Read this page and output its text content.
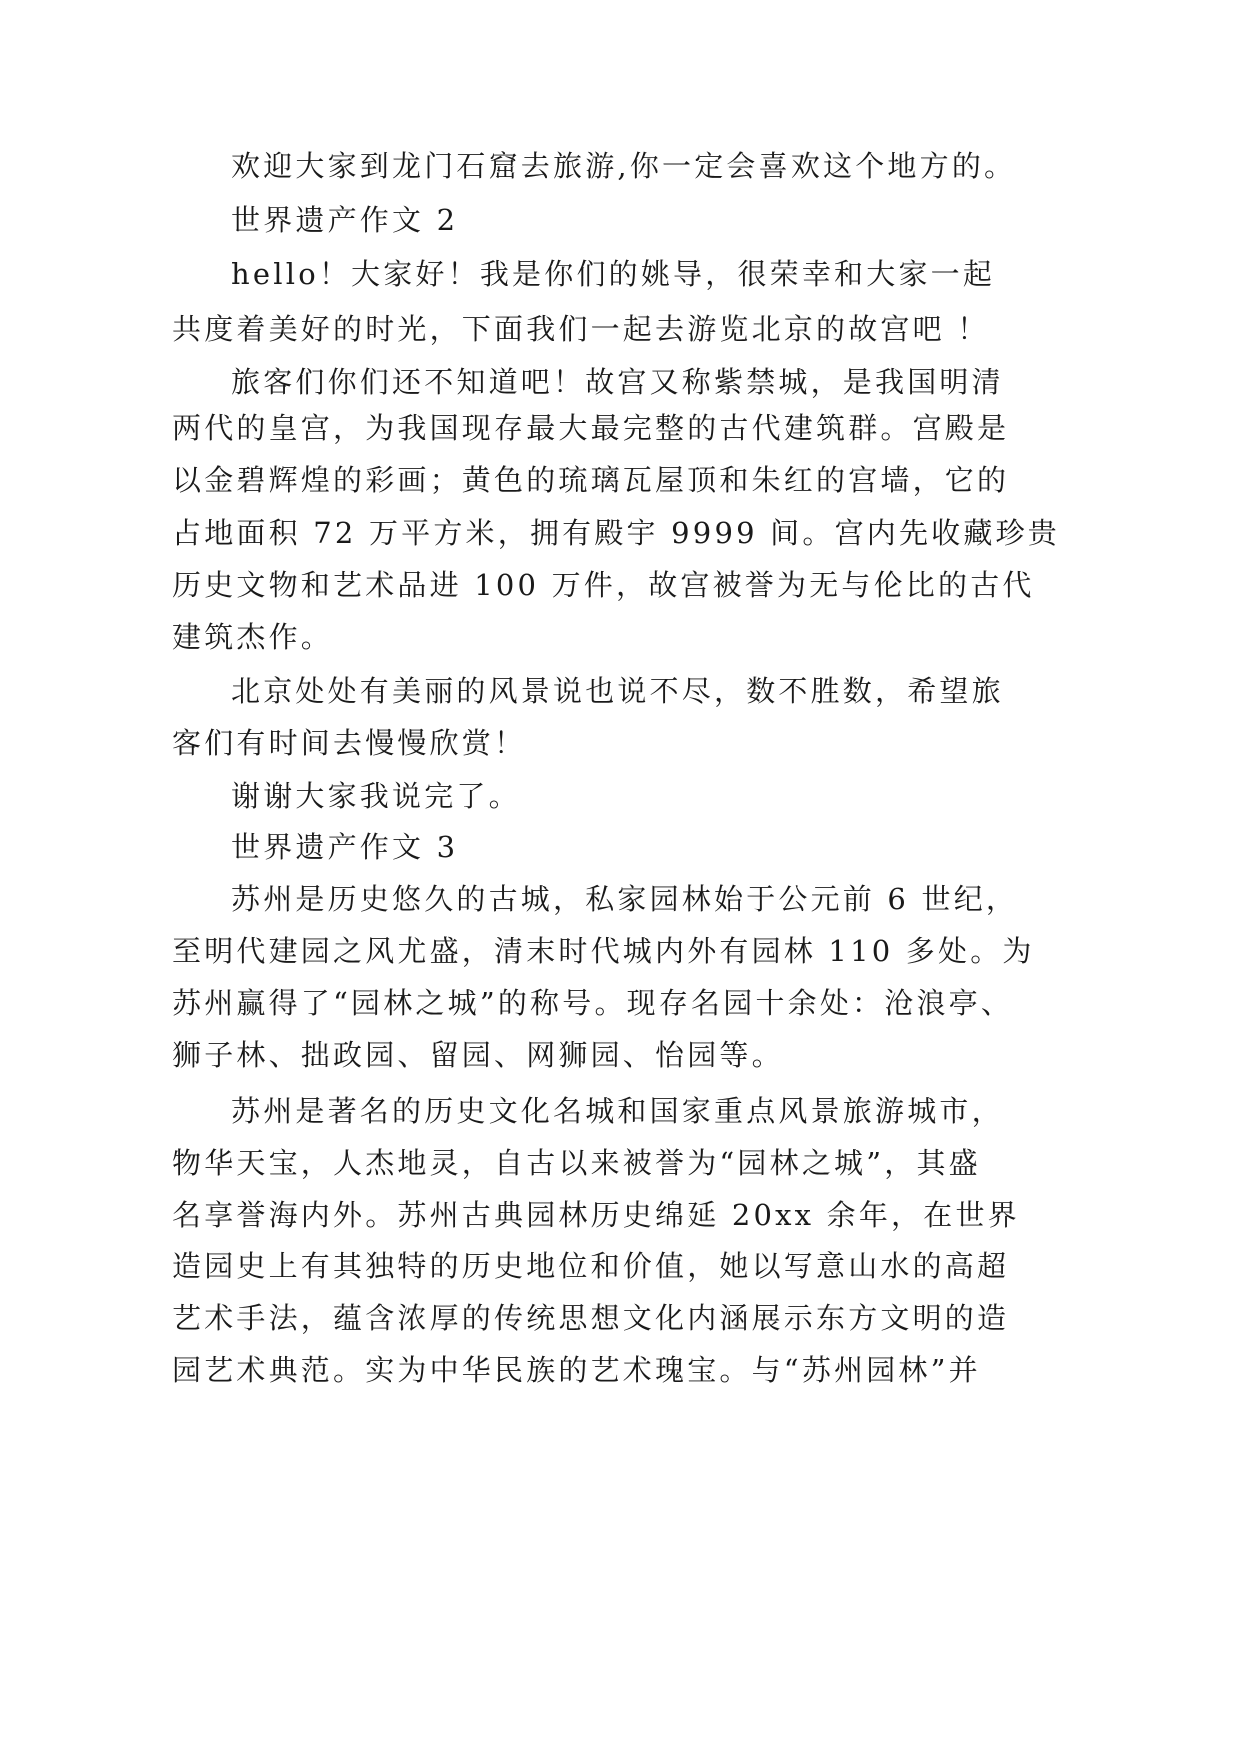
欢迎大家到龙门石窟去旅游,你一定会喜欢这个地方的。
世界遗产作文 2
hello！大家好！我是你们的姚导，很荣幸和大家一起
共度着美好的时光，下面我们一起去游览北京的故宫吧 ！
旅客们你们还不知道吧！故宫又称紫禁城，是我国明清
两代的皇宫，为我国现存最大最完整的古代建筑群。宫殿是
以金碧辉煌的彩画；黄色的琉璃瓦屋顶和朱红的宫墙，它的
占地面积 72 万平方米，拥有殿宇 9999 间。宫内先收藏珍贵
历史文物和艺术品进 100 万件，故宫被誉为无与伦比的古代
建筑杰作。
北京处处有美丽的风景说也说不尽，数不胜数，希望旅
客们有时间去慢慢欣赏！
谢谢大家我说完了。
世界遗产作文 3
苏州是历史悠久的古城，私家园林始于公元前 6 世纪，
至明代建园之风尤盛，清末时代城内外有园林 110 多处。为
苏州赢得了“园林之城”的称号。现存名园十余处：沧浪亭、
狮子林、拙政园、留园、网狮园、怡园等。
苏州是著名的历史文化名城和国家重点风景旅游城市，
物华天宝，人杰地灵，自古以来被誉为“园林之城”，其盛
名享誉海内外。苏州古典园林历史绵延 20xx 余年，在世界
造园史上有其独特的历史地位和价值，她以写意山水的高超
艺术手法，蕴含浓厚的传统思想文化内涵展示东方文明的造
园艺术典范。实为中华民族的艺术瑰宝。与“苏州园林”并
